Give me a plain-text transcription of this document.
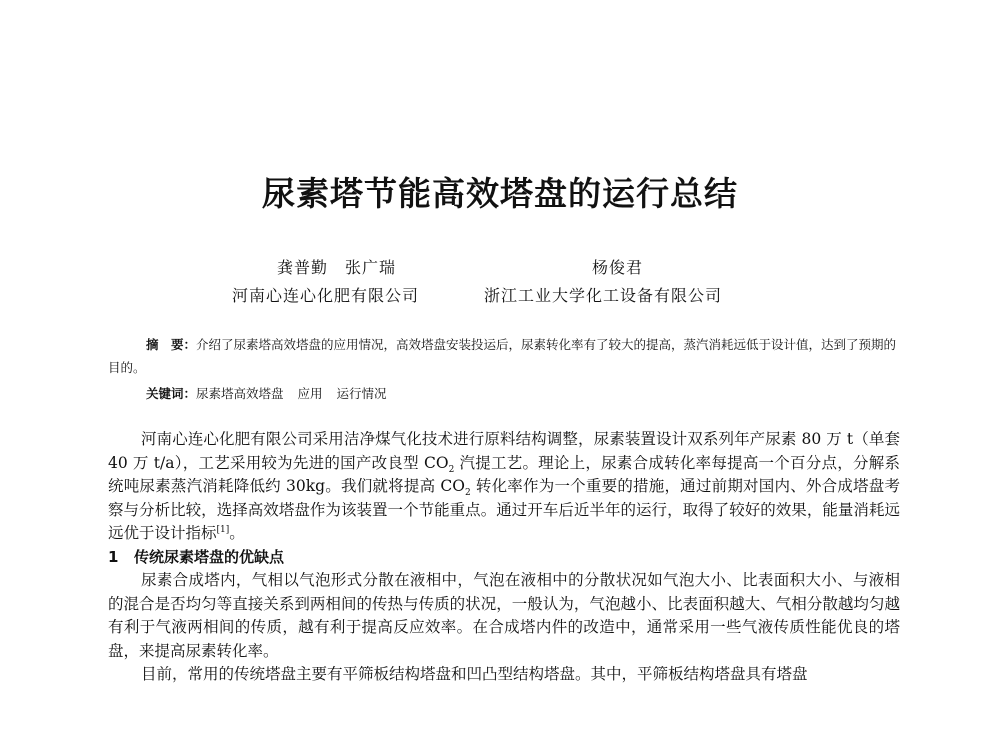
尿素塔节能高效塔盘的运行总结
龚普勤　张广瑞	杨俊君
河南心连心化肥有限公司	浙江工业大学化工设备有限公司

摘　要：介绍了尿素塔高效塔盘的应用情况，高效塔盘安装投运后，尿素转化率有了较大的提高，蒸汽消耗远低于设计值，达到了预期的目的。

关键词：尿素塔高效塔盘 应用 运行情况

河南心连心化肥有限公司采用洁净煤气化技术进行原料结构调整，尿素装置设计双系列年产尿素 80 万 t（单套 40 万 t/a），工艺采用较为先进的国产改良型 $CO_2$ 汽提工艺。理论上，尿素合成转化率每提高一个百分点，分解系统吨尿素蒸汽消耗降低约 30kg。我们就将提高 $CO_2$ 转化率作为一个重要的措施，通过前期对国内、外合成塔盘考察与分析比较，选择高效塔盘作为该装置一个节能重点。通过开车后近半年的运行，取得了较好的效果，能量消耗远远优于设计指标[1]。

1 传统尿素塔盘的优缺点

尿素合成塔内，气相以气泡形式分散在液相中，气泡在液相中的分散状况如气泡大小、比表面积大小、与液相的混合是否均匀等直接关系到两相间的传热与传质的状况，一般认为，气泡越小、比表面积越大、气相分散越均匀越有利于气液两相间的传质，越有利于提高反应效率。在合成塔内件的改造中，通常采用一些气液传质性能优良的塔盘，来提高尿素转化率。

目前，常用的传统塔盘主要有平筛板结构塔盘和凹凸型结构塔盘。其中，平筛板结构塔盘具有塔盘
